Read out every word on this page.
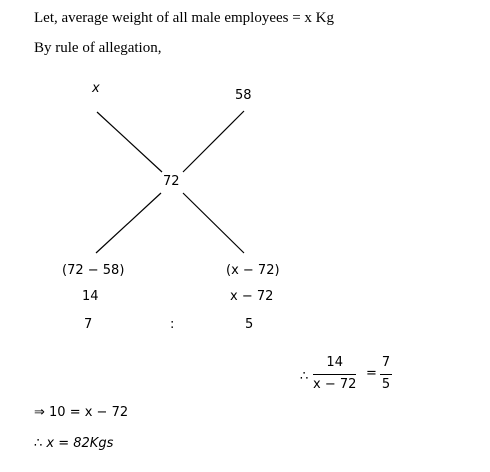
Let, average weight of all male employees = x Kg
By rule of allegation,
x	58
72
(72 − 58)	(x − 72)
14	x − 72
7	:	5
∴
14
x − 72
=
7
5
⇒ 10 = x − 72
∴ x = 82Kgs
